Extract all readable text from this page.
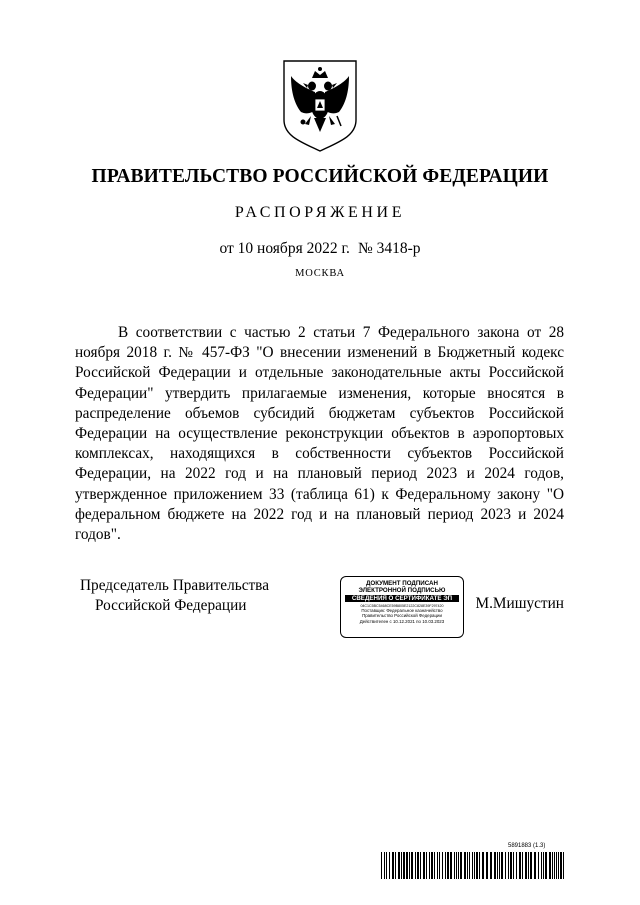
ПРАВИТЕЛЬСТВО РОССИЙСКОЙ ФЕДЕРАЦИИ
РАСПОРЯЖЕНИЕ
от 10 ноября 2022 г. № 3418-р
МОСКВА
В соответствии с частью 2 статьи 7 Федерального закона от 28 ноября 2018 г. № 457-ФЗ "О внесении изменений в Бюджетный кодекс Российской Федерации и отдельные законодательные акты Российской Федерации" утвердить прилагаемые изменения, которые вносятся в распределение объемов субсидий бюджетам субъектов Российской Федерации на осуществление реконструкции объектов в аэропортовых комплексах, находящихся в собственности субъектов Российской Федерации, на 2022 год и на плановый период 2023 и 2024 годов, утвержденное приложением 33 (таблица 61) к Федеральному закону "О федеральном бюджете на 2022 год и на плановый период 2023 и 2024 годов".
Председатель Правительства
Российской Федерации
ДОКУМЕНТ ПОДПИСАН
ЭЛЕКТРОННОЙ ПОДПИСЬЮ
СВЕДЕНИЯ О СЕРТИФИКАТЕ ЭП
04C1C5BC5468CE59B805E2122C828E39F297420
Поставщик: Федеральное казначейство
Правительство Российской Федерации
Действителен с 10.12.2021 по 10.03.2023
М.Мишустин
5891883 (1.3)
